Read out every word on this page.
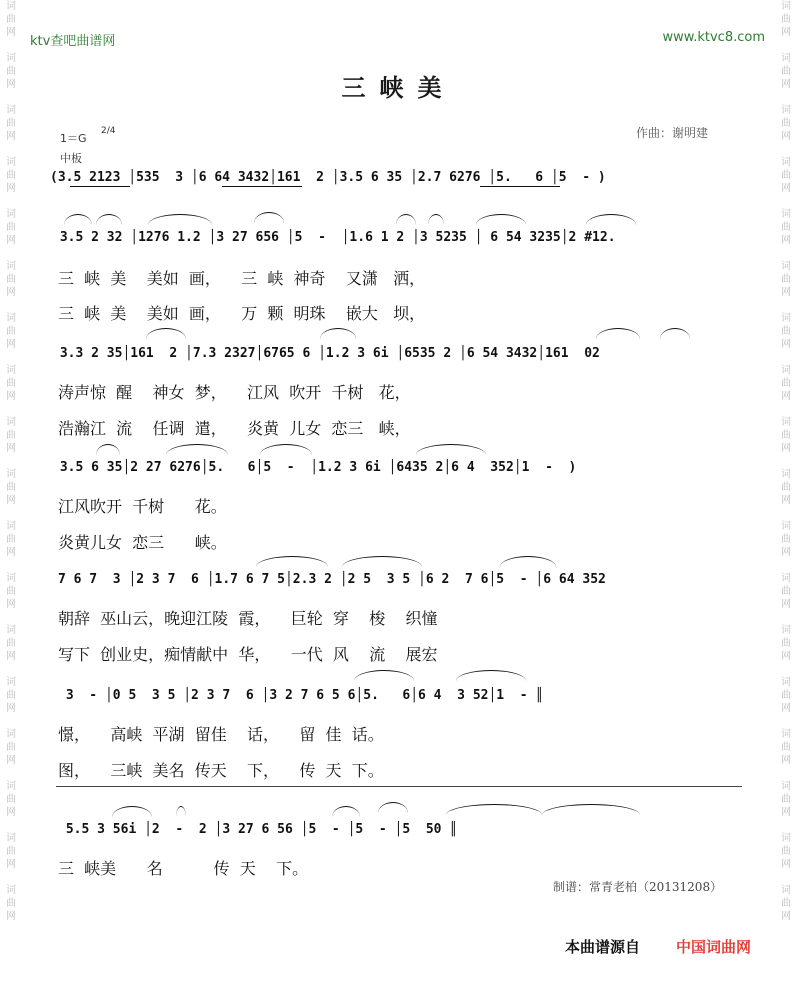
词
曲
网

词
曲
网

词
曲
网

词
曲
网

词
曲
网

词
曲
网

词
曲
网

词
曲
网

词
曲
网

词
曲
网

词
曲
网

词
曲
网

词
曲
网

词
曲
网

词
曲
网

词
曲
网

词
曲
网

词
曲
网
词
曲
网

词
曲
网

词
曲
网

词
曲
网

词
曲
网

词
曲
网

词
曲
网

词
曲
网

词
曲
网

词
曲
网

词
曲
网

词
曲
网

词
曲
网

词
曲
网

词
曲
网

词
曲
网

词
曲
网

词
曲
网
ktv查吧曲谱网	www.ktvc8.com
三峡美
1＝G
2/4
中板
作曲：谢明建
(3.5 2123 │535  3 │6 64 3432│161  2 │3.5 6 35 │2.7 6276 │5.   6 │5  - )
3.5 2 32 │1276 1.2 │3 27 656 │5  -  │1.6 1 2 │3 5235 │ 6 54 3235│2 #12.
三  峡  美    美如  画，    三  峡  神奇    又潇   洒，
三  峡  美    美如  画，    万  颗  明珠    嵌大   坝，
3.3 2 35│161  2 │7.3 2327│6765 6 │1.2 3 6i │6535 2 │6 54 3432│161  02
涛声惊  醒    神女  梦，    江风  吹开  千树   花，
浩瀚江  流    任调  遣，    炎黄  儿女  恋三   峡，
3.5 6 35│2 27 6276│5.   6│5  -  │1.2 3 6i │6435 2│6 4  352│1  -  )
江风吹开  千树      花。
炎黄儿女  恋三      峡。
7 6 7  3 │2 3 7  6 │1.7 6 7 5│2.3 2 │2 5  3 5 │6 2  7 6│5  - │6 64 352
朝辞  巫山云，晚迎江陵  霞，    巨轮  穿    梭    织憧
写下  创业史，痴情献中  华，    一代  风    流    展宏
3  - │0 5  3 5 │2 3 7  6 │3 2 7 6 5 6│5.   6│6 4  3 52│1  - ║
憬，    高峡  平湖  留佳    话，    留  佳  话。
图，    三峡  美名  传天    下，    传  天  下。
5.5 3 56i │2  -  2 │3 27 6 56 │5  - │5  - │5  50 ║
三  峡美      名          传  天    下。
制谱：常青老柏（20131208）
本曲谱源自 中国词曲网
